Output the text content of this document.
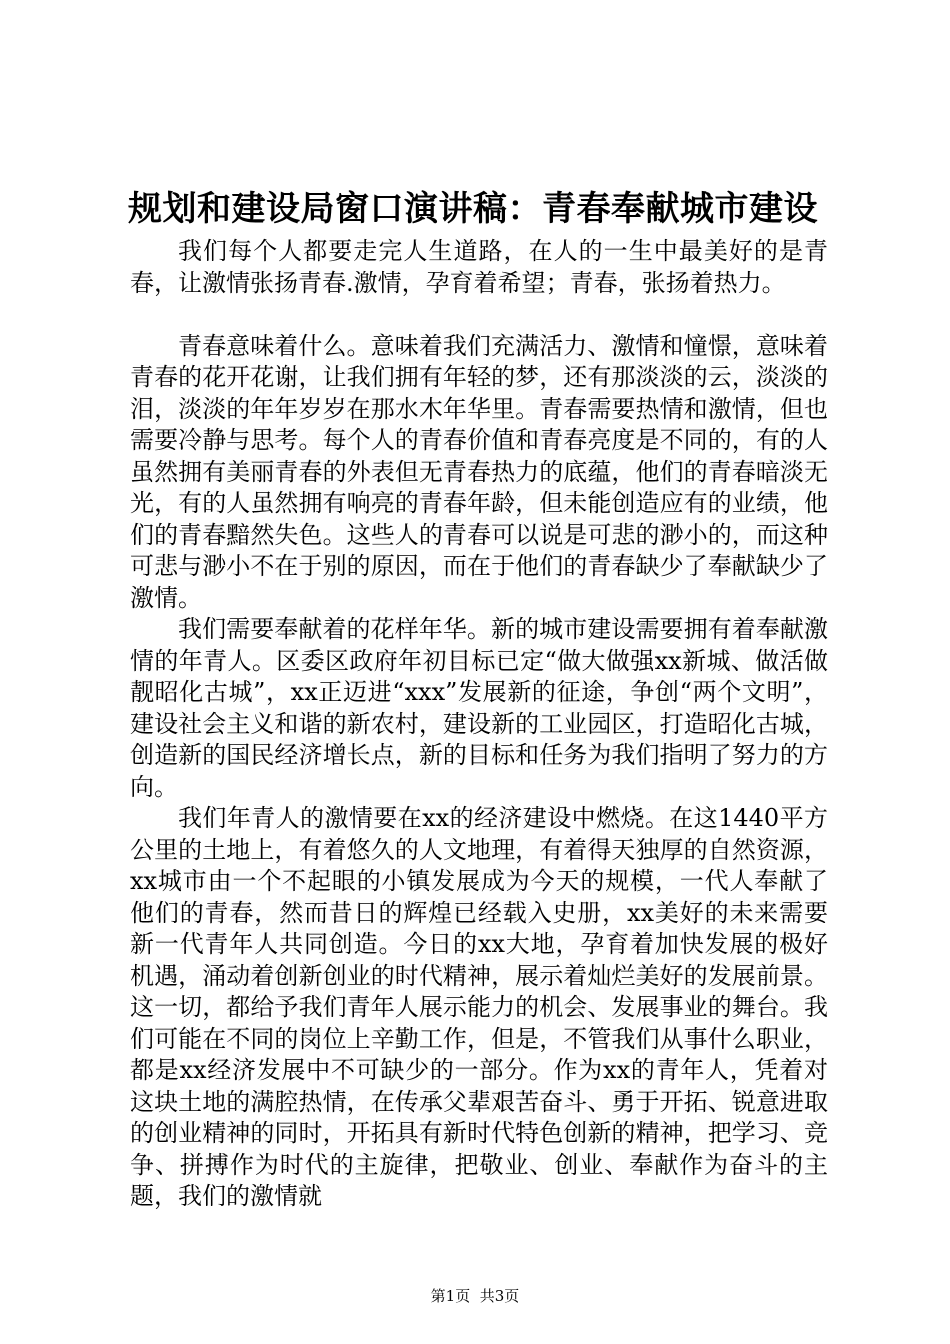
规划和建设局窗口演讲稿：青春奉献城市建设

我们每个人都要走完人生道路，在人的一生中最美好的是青春，让激情张扬青春.激情，孕育着希望；青春，张扬着热力。

青春意味着什么。意味着我们充满活力、激情和憧憬，意味着青春的花开花谢，让我们拥有年轻的梦，还有那淡淡的云，淡淡的泪，淡淡的年年岁岁在那水木年华里。青春需要热情和激情，但也需要冷静与思考。每个人的青春价值和青春亮度是不同的，有的人虽然拥有美丽青春的外表但无青春热力的底蕴，他们的青春暗淡无光，有的人虽然拥有响亮的青春年龄，但未能创造应有的业绩，他们的青春黯然失色。这些人的青春可以说是可悲的渺小的，而这种可悲与渺小不在于别的原因，而在于他们的青春缺少了奉献缺少了激情。

我们需要奉献着的花样年华。新的城市建设需要拥有着奉献激情的年青人。区委区政府年初目标已定“做大做强xx新城、做活做靓昭化古城”，xx正迈进“xxx”发展新的征途，争创“两个文明”，建设社会主义和谐的新农村，建设新的工业园区，打造昭化古城，创造新的国民经济增长点，新的目标和任务为我们指明了努力的方向。

我们年青人的激情要在xx的经济建设中燃烧。在这1440平方公里的土地上，有着悠久的人文地理，有着得天独厚的自然资源，xx城市由一个不起眼的小镇发展成为今天的规模，一代人奉献了他们的青春，然而昔日的辉煌已经载入史册，xx美好的未来需要新一代青年人共同创造。今日的xx大地，孕育着加快发展的极好机遇，涌动着创新创业的时代精神，展示着灿烂美好的发展前景。这一切，都给予我们青年人展示能力的机会、发展事业的舞台。我们可能在不同的岗位上辛勤工作，但是，不管我们从事什么职业，都是xx经济发展中不可缺少的一部分。作为xx的青年人，凭着对这块土地的满腔热情，在传承父辈艰苦奋斗、勇于开拓、锐意进取的创业精神的同时，开拓具有新时代特色创新的精神，把学习、竞争、拼搏作为时代的主旋律，把敬业、创业、奉献作为奋斗的主题，我们的激情就

第1页 共3页
